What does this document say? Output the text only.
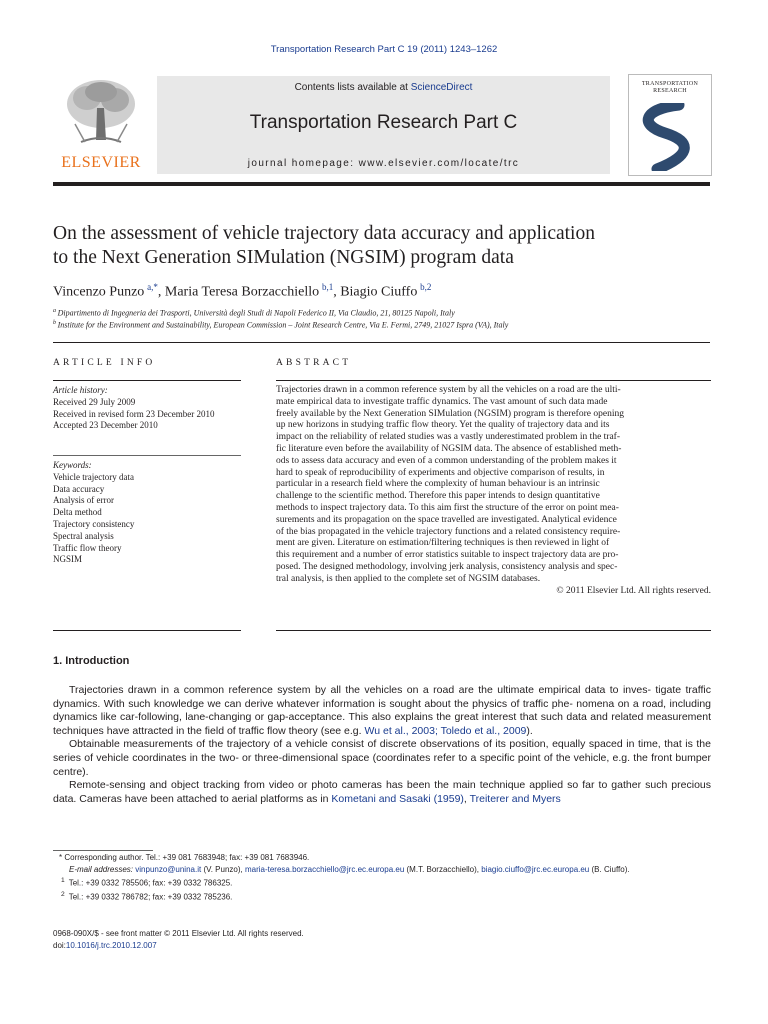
Transportation Research Part C 19 (2011) 1243–1262
ELSEVIER
Contents lists available at ScienceDirect
Transportation Research Part C
journal homepage: www.elsevier.com/locate/trc
TRANSPORTATION
RESEARCH
On the assessment of vehicle trajectory data accuracy and application
to the Next Generation SIMulation (NGSIM) program data
Vincenzo Punzo  $^{a,*}$, Maria Teresa Borzacchiello  $^{b,1}$, Biagio Ciuffo  $^{b,2}$
$^a$  Dipartimento di Ingegneria dei Trasporti, Università degli Studi di Napoli Federico II, Via Claudio, 21, 80125 Napoli, Italy
$^b$  Institute for the Environment and Sustainability, European Commission – Joint Research Centre, Via E. Fermi, 2749, 21027 Ispra (VA), Italy
ARTICLE INFO
Article history:
Received 29 July 2009
Received in revised form 23 December 2010
Accepted 23 December 2010
Keywords:
Vehicle trajectory data
Data accuracy
Analysis of error
Delta method
Trajectory consistency
Spectral analysis
Traffic flow theory
NGSIM
ABSTRACT
Trajectories drawn in a common reference system by all the vehicles on a road are the ulti-
mate empirical data to investigate traffic dynamics. The vast amount of such data made
freely available by the Next Generation SIMulation (NGSIM) program is therefore opening
up new horizons in studying traffic flow theory. Yet the quality of trajectory data and its
impact on the reliability of related studies was a vastly underestimated problem in the traf-
fic literature even before the availability of NGSIM data. The absence of established meth-
ods to assess data accuracy and even of a common understanding of the problem makes it
hard to speak of reproducibility of experiments and objective comparison of results, in
particular in a research field where the complexity of human behaviour is an intrinsic
challenge to the scientific method. Therefore this paper intends to design quantitative
methods to inspect trajectory data. To this aim first the structure of the error on point mea-
surements and its propagation on the space travelled are investigated. Analytical evidence
of the bias propagated in the vehicle trajectory functions and a related consistency require-
ment are given. Literature on estimation/filtering techniques is then reviewed in light of
this requirement and a number of error statistics suitable to inspect trajectory data are pro-
posed. The designed methodology, involving jerk analysis, consistency analysis and spec-
tral analysis, is then applied to the complete set of NGSIM databases.
© 2011 Elsevier Ltd. All rights reserved.
1. Introduction

Trajectories drawn in a common reference system by all the vehicles on a road are the ultimate empirical data to inves- tigate traffic dynamics. With such knowledge we can derive whatever information is sought about the physics of traffic phe- nomena on a road, including dynamics like car-following, lane-changing or gap-acceptance. This also explains the great interest that such data and related measurement techniques have attracted in the field of traffic flow theory (see e.g. Wu et al., 2003; Toledo et al., 2009).

Obtainable measurements of the trajectory of a vehicle consist of discrete observations of its position, equally spaced in time, that is the series of vehicle coordinates in the two- or three-dimensional space (coordinates refer to a specific point of the vehicle, e.g. the front bumper centre).

Remote-sensing and object tracking from video or photo cameras has been the main technique applied so far to gather such precious data. Cameras have been attached to aerial platforms as in Kometani and Sasaki (1959), Treiterer and Myers

* Corresponding author. Tel.: +39 081 7683948; fax: +39 081 7683946.
E-mail addresses: vinpunzo@unina.it (V. Punzo), maria-teresa.borzacchiello@jrc.ec.europa.eu (M.T. Borzacchiello), biagio.ciuffo@jrc.ec.europa.eu (B. Ciuffo).
$^1$  Tel.: +39 0332 785506; fax: +39 0332 786325.
$^2$  Tel.: +39 0332 786782; fax: +39 0332 785236.
0968-090X/$ - see front matter © 2011 Elsevier Ltd. All rights reserved.
doi:10.1016/j.trc.2010.12.007
